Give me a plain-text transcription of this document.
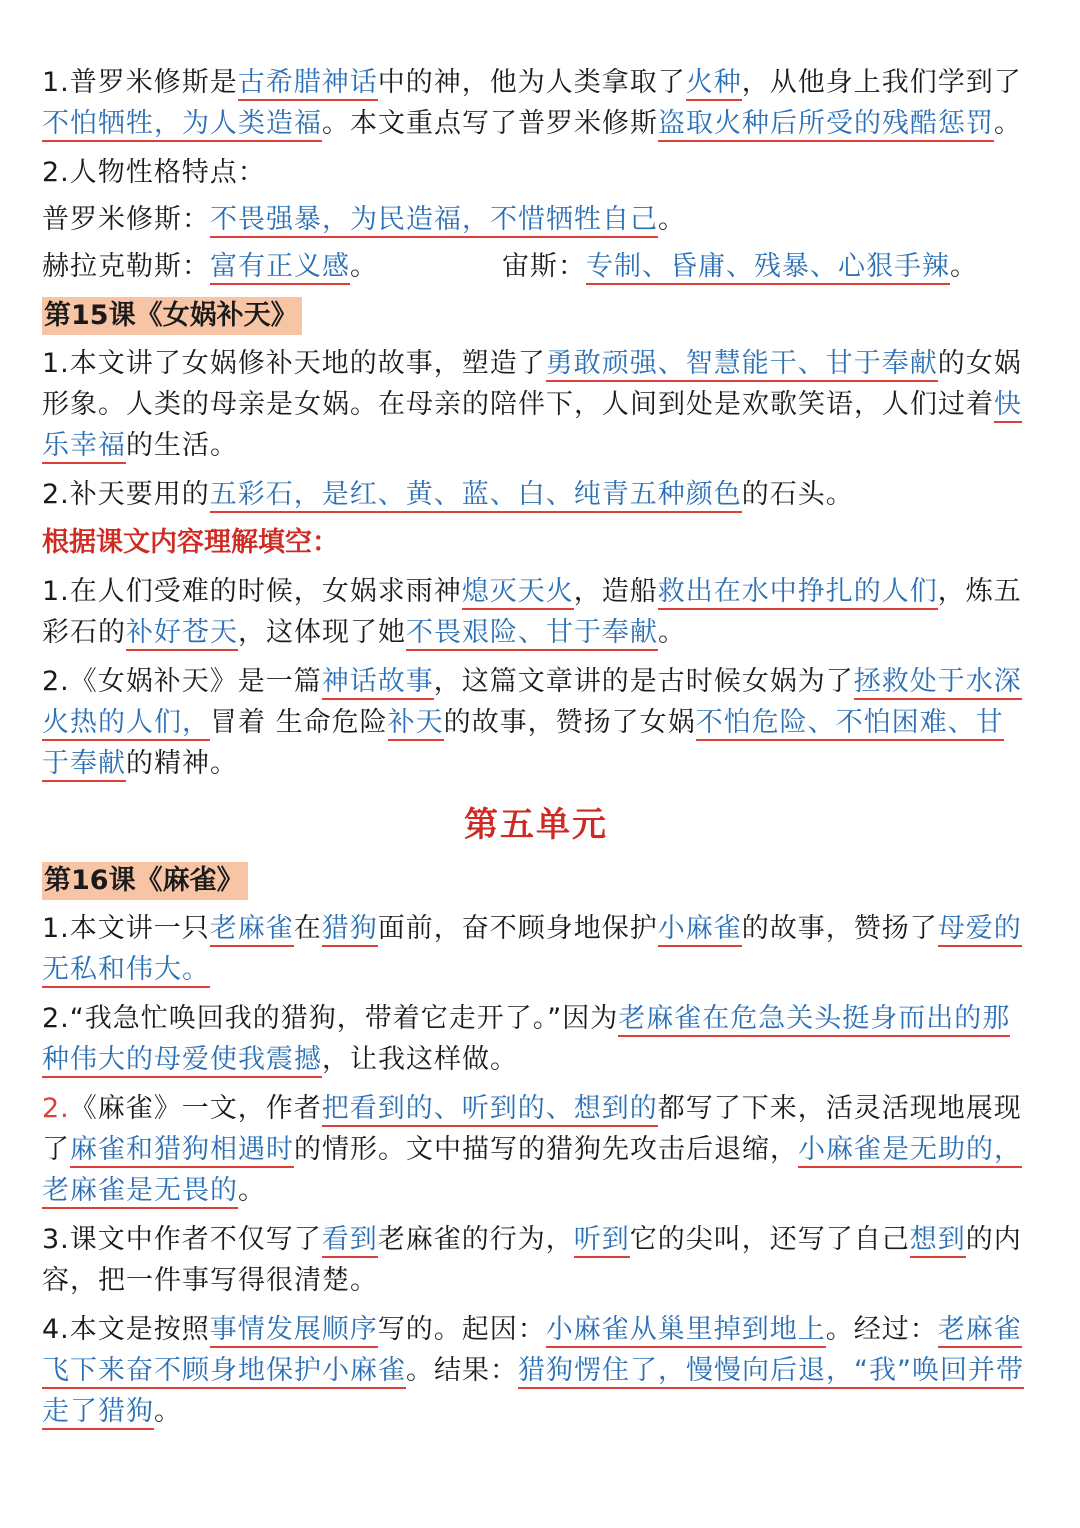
1.普罗米修斯是古希腊神话中的神，他为人类拿取了火种，从他身上我们学到了不怕牺牲，为人类造福。本文重点写了普罗米修斯盗取火种后所受的残酷惩罚。

2.人物性格特点：

普罗米修斯：不畏强暴，为民造福，不惜牺牲自己。

赫拉克勒斯：富有正义感。	宙斯：专制、昏庸、残暴、心狠手辣。

第15课《女娲补天》

1.本文讲了女娲修补天地的故事，塑造了勇敢顽强、智慧能干、甘于奉献的女娲形象。人类的母亲是女娲。在母亲的陪伴下，人间到处是欢歌笑语，人们过着快乐幸福的生活。

2.补天要用的五彩石，是红、黄、蓝、白、纯青五种颜色的石头。

根据课文内容理解填空：

1.在人们受难的时候，女娲求雨神熄灭天火，造船救出在水中挣扎的人们，炼五彩石的补好苍天，这体现了她不畏艰险、甘于奉献。

2.《女娲补天》是一篇神话故事，这篇文章讲的是古时候女娲为了拯救处于水深火热的人们，冒着 生命危险补天的故事，赞扬了女娲不怕危险、不怕困难、甘于奉献的精神。

第五单元
第16课《麻雀》

1.本文讲一只老麻雀在猎狗面前，奋不顾身地保护小麻雀的故事，赞扬了母爱的无私和伟大。

2.“我急忙唤回我的猎狗，带着它走开了。”因为老麻雀在危急关头挺身而出的那种伟大的母爱使我震撼，让我这样做。

2.《麻雀》一文，作者把看到的、听到的、想到的都写了下来，活灵活现地展现了麻雀和猎狗相遇时的情形。文中描写的猎狗先攻击后退缩，小麻雀是无助的，老麻雀是无畏的。

3.课文中作者不仅写了看到老麻雀的行为，听到它的尖叫，还写了自己想到的内容，把一件事写得很清楚。

4.本文是按照事情发展顺序写的。起因：小麻雀从巢里掉到地上。经过：老麻雀飞下来奋不顾身地保护小麻雀。结果：猎狗愣住了，慢慢向后退，“我”唤回并带走了猎狗。
